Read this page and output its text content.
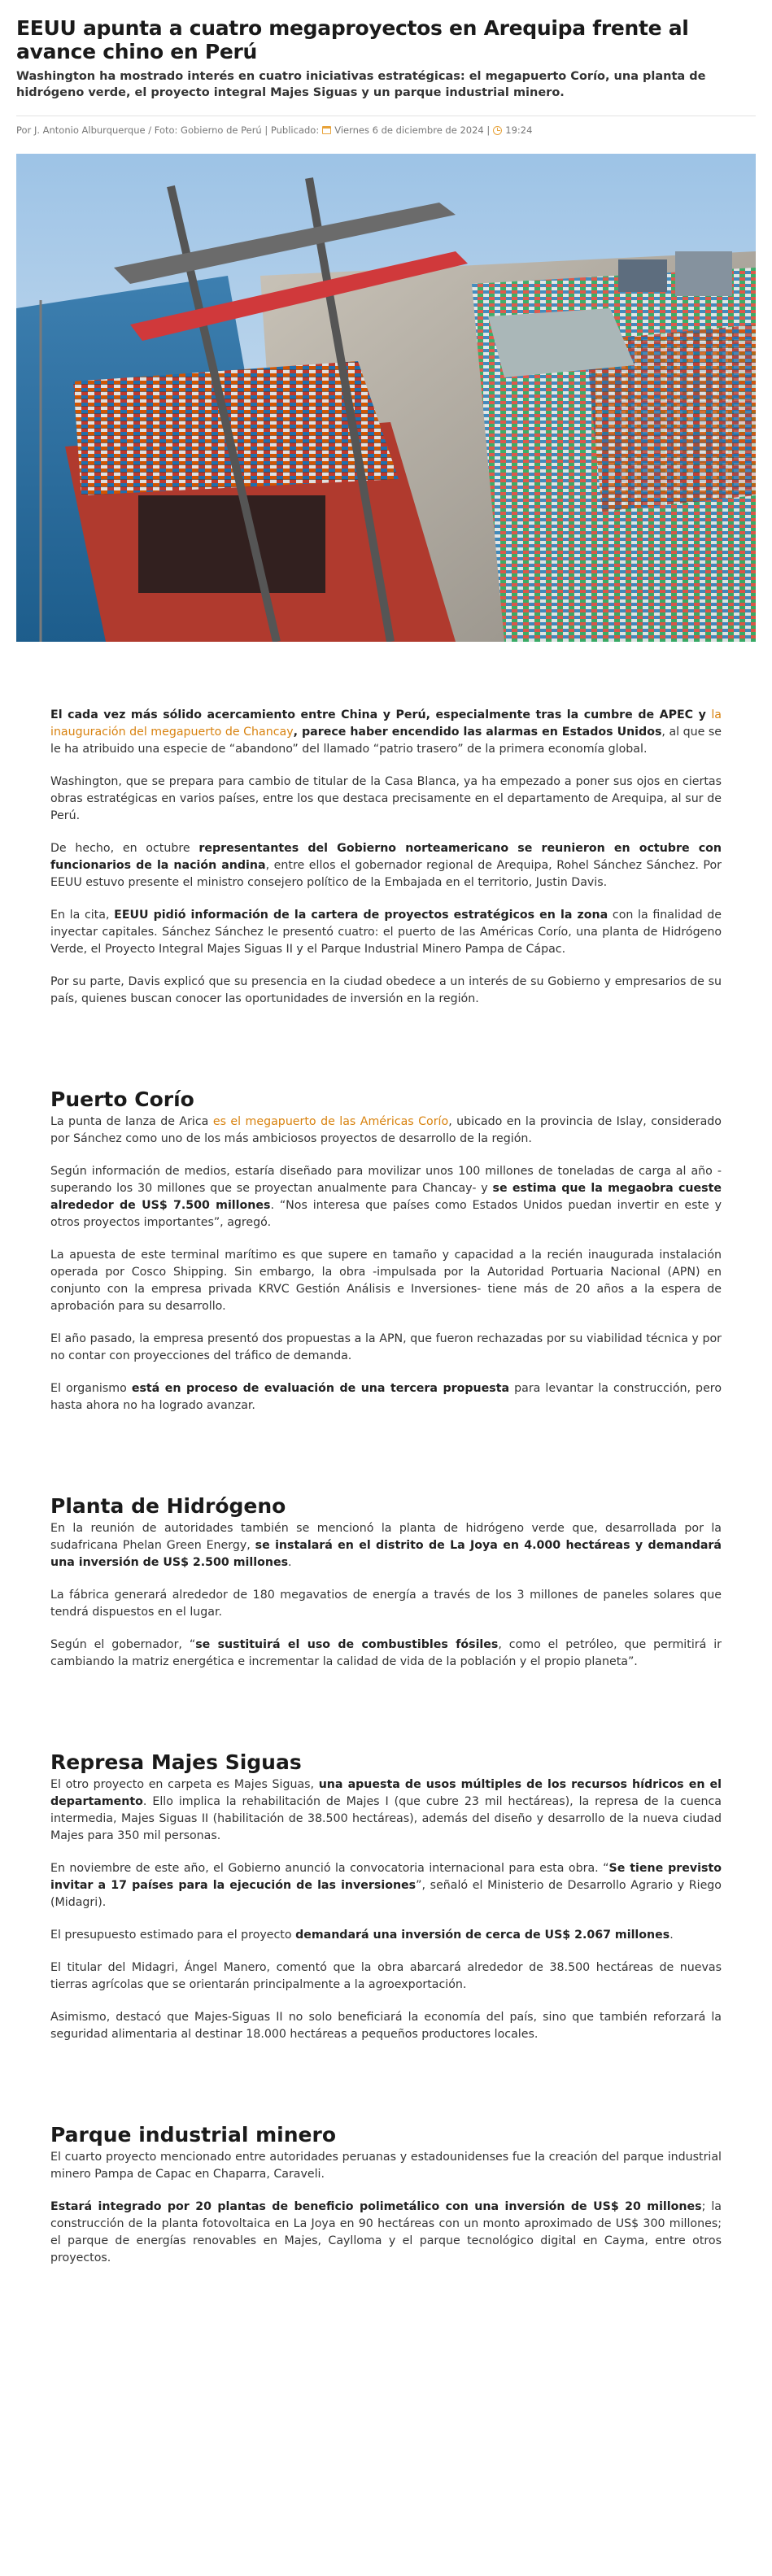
EEUU apunta a cuatro megaproyectos en Arequipa frente al avance chino en Perú
Washington ha mostrado interés en cuatro iniciativas estratégicas: el megapuerto Corío, una planta de hidrógeno verde, el proyecto integral Majes Siguas y un parque industrial minero.
Por J. Antonio Alburquerque / Foto: Gobierno de Perú | Publicado: Viernes 6 de diciembre de 2024 | 19:24

El cada vez más sólido acercamiento entre China y Perú, especialmente tras la cumbre de APEC y la inauguración del megapuerto de Chancay, parece haber encendido las alarmas en Estados Unidos, al que se le ha atribuido una especie de “abandono” del llamado “patrio trasero” de la primera economía global.

Washington, que se prepara para cambio de titular de la Casa Blanca, ya ha empezado a poner sus ojos en ciertas obras estratégicas en varios países, entre los que destaca precisamente en el departamento de Arequipa, al sur de Perú.

De hecho, en octubre representantes del Gobierno norteamericano se reunieron en octubre con funcionarios de la nación andina, entre ellos el gobernador regional de Arequipa, Rohel Sánchez Sánchez. Por EEUU estuvo presente el ministro consejero político de la Embajada en el territorio, Justin Davis.

En la cita, EEUU pidió información de la cartera de proyectos estratégicos en la zona con la finalidad de inyectar capitales. Sánchez Sánchez le presentó cuatro: el puerto de las Américas Corío, una planta de Hidrógeno Verde, el Proyecto Integral Majes Siguas II y el Parque Industrial Minero Pampa de Cápac.

Por su parte, Davis explicó que su presencia en la ciudad obedece a un interés de su Gobierno y empresarios de su país, quienes buscan conocer las oportunidades de inversión en la región.

Puerto Corío

La punta de lanza de Arica es el megapuerto de las Américas Corío, ubicado en la provincia de Islay, considerado por Sánchez como uno de los más ambiciosos proyectos de desarrollo de la región.

Según información de medios, estaría diseñado para movilizar unos 100 millones de toneladas de carga al año -superando los 30 millones que se proyectan anualmente para Chancay- y se estima que la megaobra cueste alrededor de US$ 7.500 millones. “Nos interesa que países como Estados Unidos puedan invertir en este y otros proyectos importantes”, agregó.

La apuesta de este terminal marítimo es que supere en tamaño y capacidad a la recién inaugurada instalación operada por Cosco Shipping. Sin embargo, la obra -impulsada por la Autoridad Portuaria Nacional (APN) en conjunto con la empresa privada KRVC Gestión Análisis e Inversiones- tiene más de 20 años a la espera de aprobación para su desarrollo.

El año pasado, la empresa presentó dos propuestas a la APN, que fueron rechazadas por su viabilidad técnica y por no contar con proyecciones del tráfico de demanda.

El organismo está en proceso de evaluación de una tercera propuesta para levantar la construcción, pero hasta ahora no ha logrado avanzar.

Planta de Hidrógeno

En la reunión de autoridades también se mencionó la planta de hidrógeno verde que, desarrollada por la sudafricana Phelan Green Energy, se instalará en el distrito de La Joya en 4.000 hectáreas y demandará una inversión de US$ 2.500 millones.

La fábrica generará alrededor de 180 megavatios de energía a través de los 3 millones de paneles solares que tendrá dispuestos en el lugar.

Según el gobernador, “se sustituirá el uso de combustibles fósiles, como el petróleo, que permitirá ir cambiando la matriz energética e incrementar la calidad de vida de la población y el propio planeta”.

Represa Majes Siguas

El otro proyecto en carpeta es Majes Siguas, una apuesta de usos múltiples de los recursos hídricos en el departamento. Ello implica la rehabilitación de Majes I (que cubre 23 mil hectáreas), la represa de la cuenca intermedia, Majes Siguas II (habilitación de 38.500 hectáreas), además del diseño y desarrollo de la nueva ciudad Majes para 350 mil personas.

En noviembre de este año, el Gobierno anunció la convocatoria internacional para esta obra. “Se tiene previsto invitar a 17 países para la ejecución de las inversiones”, señaló el Ministerio de Desarrollo Agrario y Riego (Midagri).

El presupuesto estimado para el proyecto demandará una inversión de cerca de US$ 2.067 millones.

El titular del Midagri, Ángel Manero, comentó que la obra abarcará alrededor de 38.500 hectáreas de nuevas tierras agrícolas que se orientarán principalmente a la agroexportación.

Asimismo, destacó que Majes-Siguas II no solo beneficiará la economía del país, sino que también reforzará la seguridad alimentaria al destinar 18.000 hectáreas a pequeños productores locales.

Parque industrial minero

El cuarto proyecto mencionado entre autoridades peruanas y estadounidenses fue la creación del parque industrial minero Pampa de Capac en Chaparra, Caraveli.

Estará integrado por 20 plantas de beneficio polimetálico con una inversión de US$ 20 millones; la construcción de la planta fotovoltaica en La Joya en 90 hectáreas con un monto aproximado de US$ 300 millones; el parque de energías renovables en Majes, Caylloma y el parque tecnológico digital en Cayma, entre otros proyectos.
